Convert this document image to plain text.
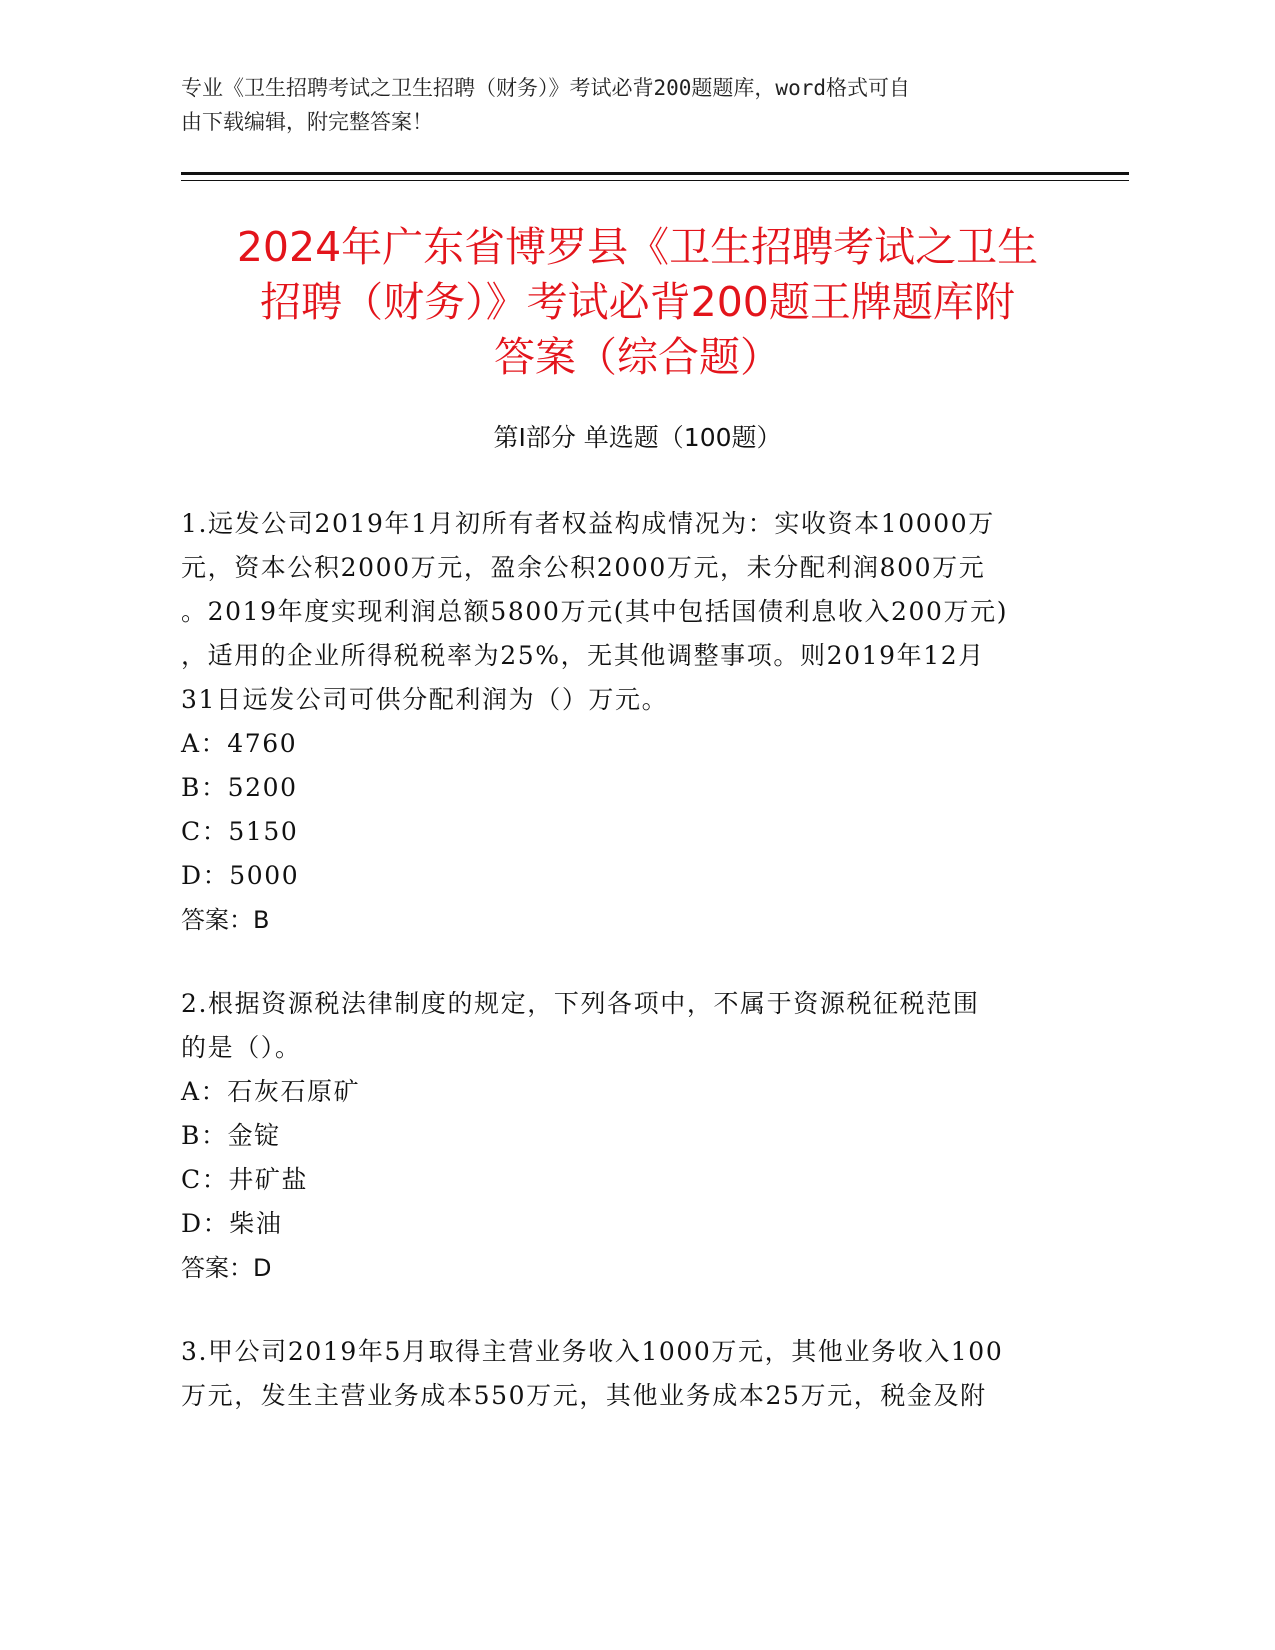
专业《卫生招聘考试之卫生招聘（财务）》考试必背200题题库，word格式可自
由下载编辑，附完整答案！
2024年广东省博罗县《卫生招聘考试之卫生
招聘（财务）》考试必背200题王牌题库附
答案（综合题）
第Ⅰ部分 单选题（100题）

1.远发公司2019年1月初所有者权益构成情况为：实收资本10000万

元，资本公积2000万元，盈余公积2000万元，未分配利润800万元

。2019年度实现利润总额5800万元(其中包括国债利息收入200万元)

，适用的企业所得税税率为25%，无其他调整事项。则2019年12月

31日远发公司可供分配利润为（）万元。

A：4760
B：5200
C：5150
D：5000
答案：B

2.根据资源税法律制度的规定，下列各项中，不属于资源税征税范围

的是（）。

A：石灰石原矿
B：金锭
C：井矿盐
D：柴油
答案：D

3.甲公司2019年5月取得主营业务收入1000万元，其他业务收入100

万元，发生主营业务成本550万元，其他业务成本25万元，税金及附
